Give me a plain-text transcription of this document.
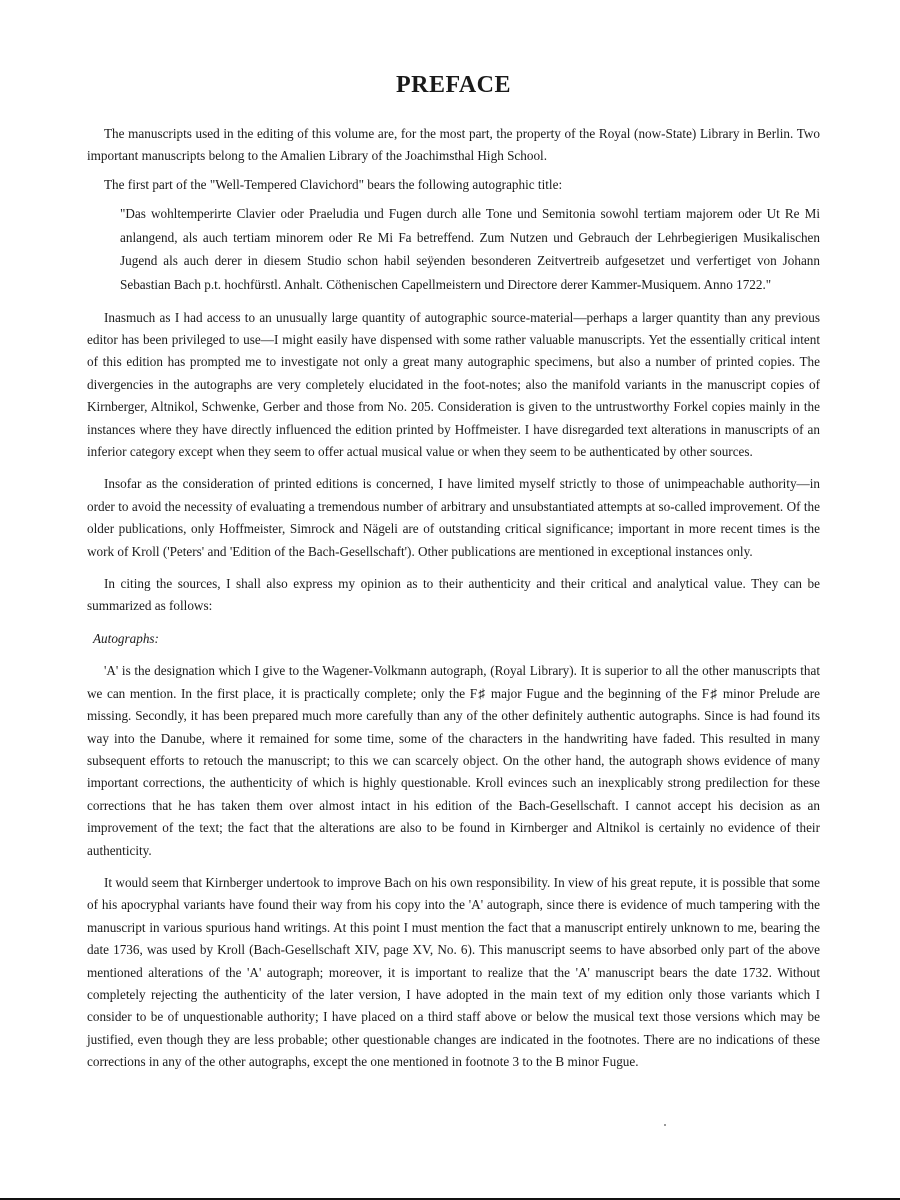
PREFACE

The manuscripts used in the editing of this volume are, for the most part, the property of the Royal (now-State) Library in Berlin. Two important manuscripts belong to the Amalien Library of the Joachimsthal High School.

The first part of the "Well-Tempered Clavichord" bears the following autographic title:

"Das wohltemperirte Clavier oder Praeludia und Fugen durch alle Tone und Semitonia sowohl tertiam majorem oder Ut Re Mi anlangend, als auch tertiam minorem oder Re Mi Fa betreffend. Zum Nutzen und Gebrauch der Lehrbegierigen Musikalischen Jugend als auch derer in diesem Studio schon habil seÿenden besonderen Zeitvertreib aufgesetzet und verfertiget von Johann Sebastian Bach p.t. hochfürstl. Anhalt. Cöthenischen Capellmeistern und Directore derer Kammer-Musiquem. Anno 1722."

Inasmuch as I had access to an unusually large quantity of autographic source-material—perhaps a larger quantity than any previous editor has been privileged to use—I might easily have dispensed with some rather valuable manuscripts. Yet the essentially critical intent of this edition has prompted me to investigate not only a great many autographic specimens, but also a number of printed copies. The divergencies in the autographs are very completely elucidated in the foot-notes; also the manifold variants in the manuscript copies of Kirnberger, Altnikol, Schwenke, Gerber and those from No. 205. Consideration is given to the untrustworthy Forkel copies mainly in the instances where they have directly influenced the edition printed by Hoffmeister. I have disregarded text alterations in manuscripts of an inferior category except when they seem to offer actual musical value or when they seem to be authenticated by other sources.

Insofar as the consideration of printed editions is concerned, I have limited myself strictly to those of unimpeachable authority—in order to avoid the necessity of evaluating a tremendous number of arbitrary and unsubstantiated attempts at so-called improvement. Of the older publications, only Hoffmeister, Simrock and Nägeli are of outstanding critical significance; important in more recent times is the work of Kroll ('Peters' and 'Edition of the Bach-Gesellschaft'). Other publications are mentioned in exceptional instances only.

In citing the sources, I shall also express my opinion as to their authenticity and their critical and analytical value. They can be summarized as follows:

Autographs:

'A' is the designation which I give to the Wagener-Volkmann autograph, (Royal Library). It is superior to all the other manuscripts that we can mention. In the first place, it is practically complete; only the F♯ major Fugue and the beginning of the F♯ minor Prelude are missing. Secondly, it has been prepared much more carefully than any of the other definitely authentic autographs. Since is had found its way into the Danube, where it remained for some time, some of the characters in the handwriting have faded. This resulted in many subsequent efforts to retouch the manuscript; to this we can scarcely object. On the other hand, the autograph shows evidence of many important corrections, the authenticity of which is highly questionable. Kroll evinces such an inexplicably strong predilection for these corrections that he has taken them over almost intact in his edition of the Bach-Gesellschaft. I cannot accept his decision as an improvement of the text; the fact that the alterations are also to be found in Kirnberger and Altnikol is certainly no evidence of their authenticity.

It would seem that Kirnberger undertook to improve Bach on his own responsibility. In view of his great repute, it is possible that some of his apocryphal variants have found their way from his copy into the 'A' autograph, since there is evidence of much tampering with the manuscript in various spurious hand writings. At this point I must mention the fact that a manuscript entirely unknown to me, bearing the date 1736, was used by Kroll (Bach-Gesellschaft XIV, page XV, No. 6). This manuscript seems to have absorbed only part of the above mentioned alterations of the 'A' autograph; moreover, it is important to realize that the 'A' manuscript bears the date 1732. Without completely rejecting the authenticity of the later version, I have adopted in the main text of my edition only those variants which I consider to be of unquestionable authority; I have placed on a third staff above or below the musical text those versions which may be justified, even though they are less probable; other questionable changes are indicated in the footnotes. There are no indications of these corrections in any of the other autographs, except the one mentioned in footnote 3 to the B minor Fugue.
